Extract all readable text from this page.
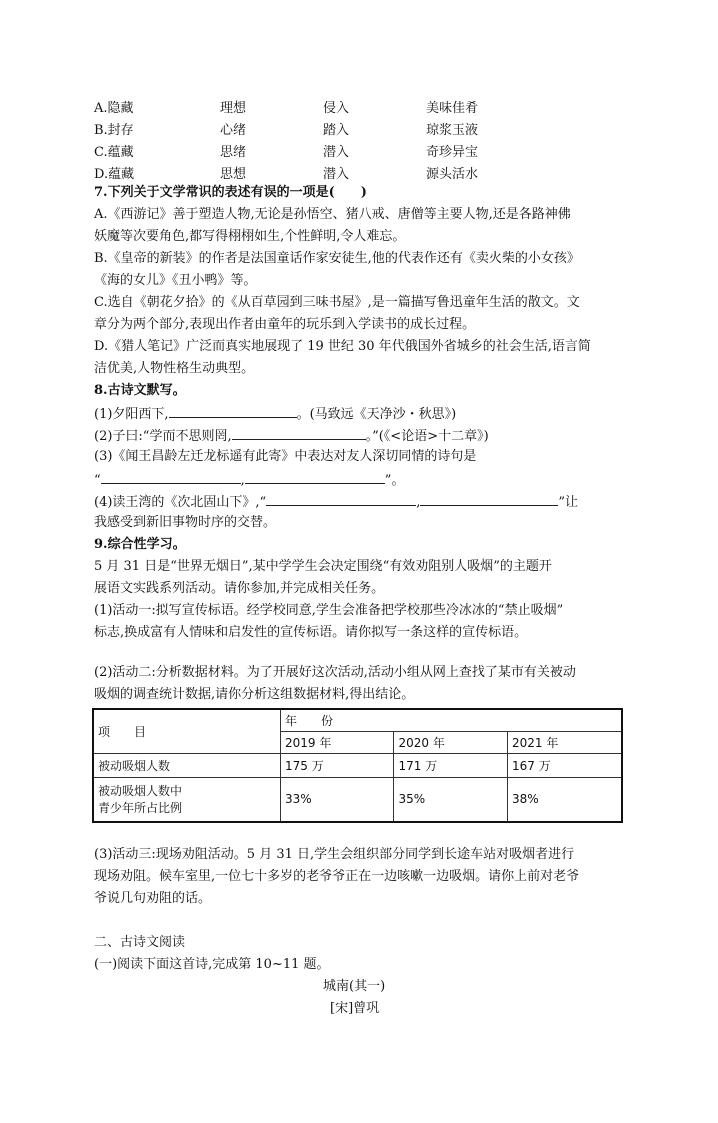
A.隐藏	理想	侵入	美味佳肴
B.封存	心绪	踏入	琼浆玉液
C.蕴藏	思绪	潜入	奇珍异宝
D.蕴藏	思想	潜入	源头活水
7.下列关于文学常识的表述有误的一项是(　　)
A.《西游记》善于塑造人物,无论是孙悟空、猪八戒、唐僧等主要人物,还是各路神佛
妖魔等次要角色,都写得栩栩如生,个性鲜明,令人难忘。
B.《皇帝的新装》的作者是法国童话作家安徒生,他的代表作还有《卖火柴的小女孩》
《海的女儿》《丑小鸭》等。
C.选自《朝花夕拾》的《从百草园到三味书屋》,是一篇描写鲁迅童年生活的散文。文
章分为两个部分,表现出作者由童年的玩乐到入学读书的成长过程。
D.《猎人笔记》广泛而真实地展现了 19 世纪 30 年代俄国外省城乡的社会生活,语言简
洁优美,人物性格生动典型。
8.古诗文默写。
(1)夕阳西下,	。(马致远《天净沙・秋思》)
(2)子曰:“学而不思则罔,	。”(《<论语>十二章》)
(3)《闻王昌龄左迁龙标遥有此寄》中表达对友人深切同情的诗句是
“	,	”。
(4)读王湾的《次北固山下》,“	,	”让
我感受到新旧事物时序的交替。
9.综合性学习。
5 月 31 日是“世界无烟日”,某中学学生会决定围绕“有效劝阻别人吸烟”的主题开
展语文实践系列活动。请你参加,并完成相关任务。
(1)活动一:拟写宣传标语。经学校同意,学生会准备把学校那些冷冰冰的“禁止吸烟”
标志,换成富有人情味和启发性的宣传标语。请你拟写一条这样的宣传标语。
(2)活动二:分析数据材料。为了开展好这次活动,活动小组从网上查找了某市有关被动
吸烟的调查统计数据,请你分析这组数据材料,得出结论。
项　　目	年　　份		
	2019 年	2020 年	2021 年
被动吸烟人数	175 万	171 万	167 万

被动吸烟人数中
青少年所占比例	33%	35%	38%
(3)活动三:现场劝阻活动。5 月 31 日,学生会组织部分同学到长途车站对吸烟者进行
现场劝阻。候车室里,一位七十多岁的老爷爷正在一边咳嗽一边吸烟。请你上前对老爷
爷说几句劝阻的话。
二、古诗文阅读
(一)阅读下面这首诗,完成第 10~11 题。
城南(其一)
[宋]曾巩
